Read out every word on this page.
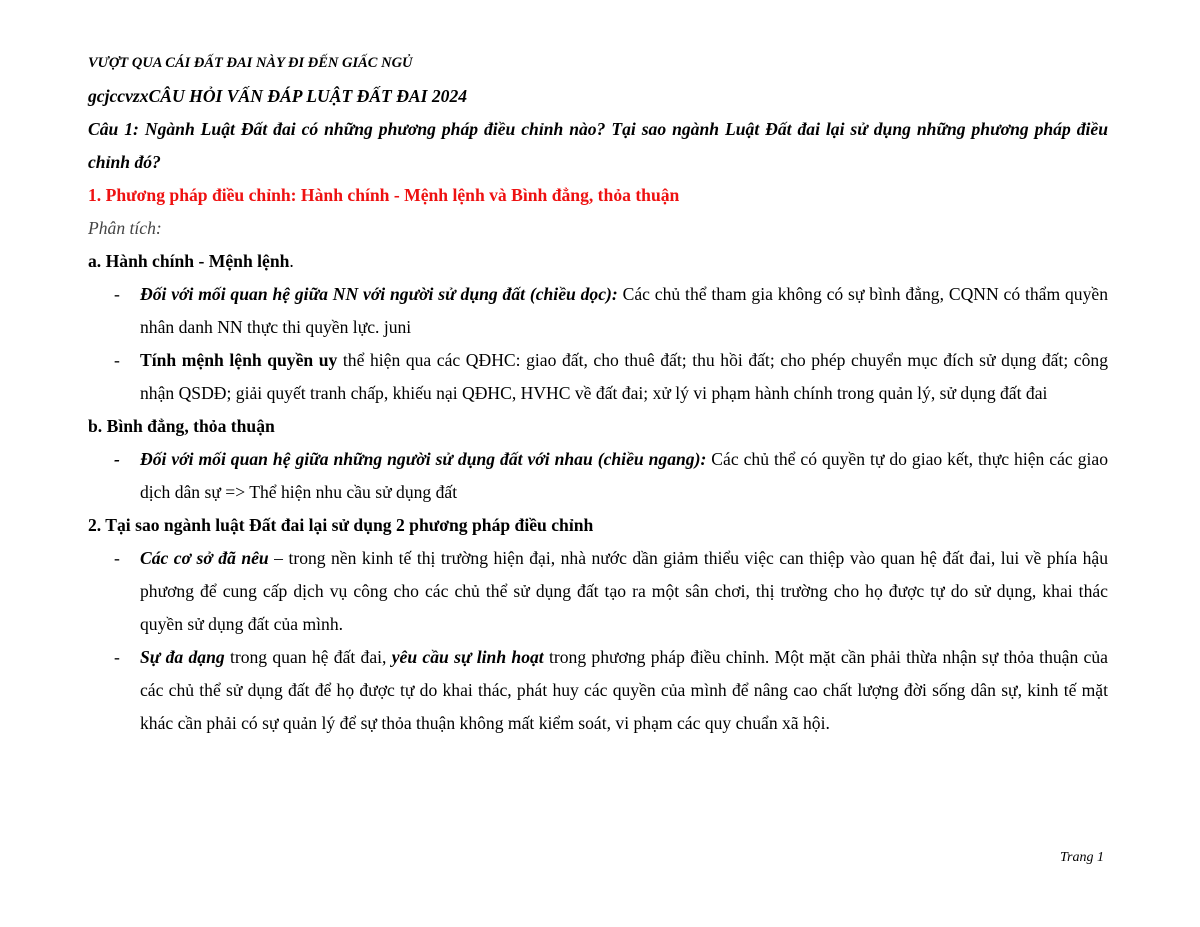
VƯỢT QUA CÁI ĐẤT ĐAI NÀY ĐI ĐẾN GIẤC NGỦ

gcjccvzxCÂU HỎI VẤN ĐÁP LUẬT ĐẤT ĐAI 2024

Câu 1: Ngành Luật Đất đai có những phương pháp điều chỉnh nào? Tại sao ngành Luật Đất đai lại sử dụng những phương pháp điều chỉnh đó?

1. Phương pháp điều chỉnh: Hành chính - Mệnh lệnh và Bình đẳng, thỏa thuận

Phân tích:

a. Hành chính - Mệnh lệnh.

- Đối với mối quan hệ giữa NN với người sử dụng đất (chiều dọc): Các chủ thể tham gia không có sự bình đẳng, CQNN có thẩm quyền nhân danh NN thực thi quyền lực. juni
- Tính mệnh lệnh quyền uy thể hiện qua các QĐHC: giao đất, cho thuê đất; thu hồi đất; cho phép chuyển mục đích sử dụng đất; công nhận QSDĐ; giải quyết tranh chấp, khiếu nại QĐHC, HVHC về đất đai; xử lý vi phạm hành chính trong quản lý, sử dụng đất đai

b. Bình đẳng, thỏa thuận

- Đối với mối quan hệ giữa những người sử dụng đất với nhau (chiều ngang): Các chủ thể có quyền tự do giao kết, thực hiện các giao dịch dân sự => Thể hiện nhu cầu sử dụng đất

2. Tại sao ngành luật Đất đai lại sử dụng 2 phương pháp điều chỉnh

- Các cơ sở đã nêu – trong nền kinh tế thị trường hiện đại, nhà nước dần giảm thiểu việc can thiệp vào quan hệ đất đai, lui về phía hậu phương để cung cấp dịch vụ công cho các chủ thể sử dụng đất tạo ra một sân chơi, thị trường cho họ được tự do sử dụng, khai thác quyền sử dụng đất của mình.
- Sự đa dạng trong quan hệ đất đai, yêu cầu sự linh hoạt trong phương pháp điều chỉnh. Một mặt cần phải thừa nhận sự thỏa thuận của các chủ thể sử dụng đất để họ được tự do khai thác, phát huy các quyền của mình để nâng cao chất lượng đời sống dân sự, kinh tế mặt khác cần phải có sự quản lý để sự thỏa thuận không mất kiểm soát, vi phạm các quy chuẩn xã hội.
Trang 1
